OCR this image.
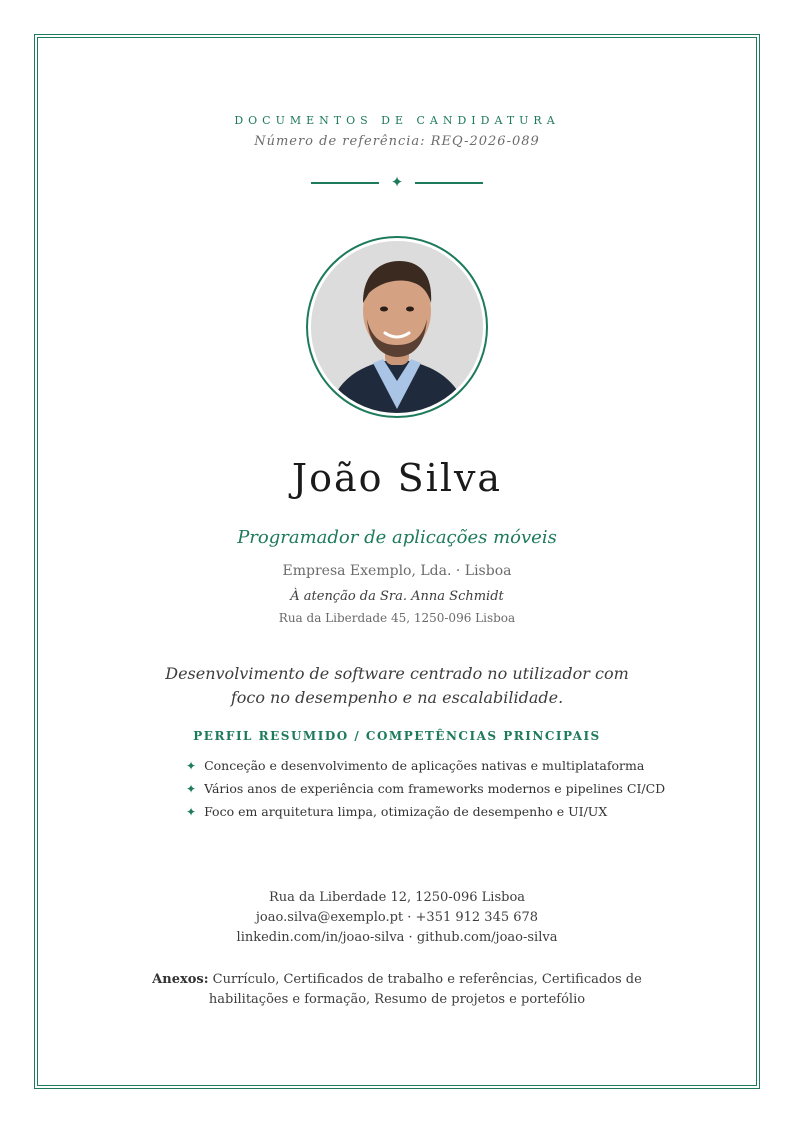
DOCUMENTOS DE CANDIDATURA
Número de referência: REQ-2026-089
✦
João Silva
Programador de aplicações móveis
Empresa Exemplo, Lda. · Lisboa
À atenção da Sra. Anna Schmidt
Rua da Liberdade 45, 1250-096 Lisboa
Desenvolvimento de software centrado no utilizador com foco no desempenho e na escalabilidade.
PERFIL RESUMIDO / COMPETÊNCIAS PRINCIPAIS
✦ Conceção e desenvolvimento de aplicações nativas e multiplataforma
✦ Vários anos de experiência com frameworks modernos e pipelines CI/CD
✦ Foco em arquitetura limpa, otimização de desempenho e UI/UX
Rua da Liberdade 12, 1250-096 Lisboa
joao.silva@exemplo.pt · +351 912 345 678
linkedin.com/in/joao-silva · github.com/joao-silva
Anexos: Currículo, Certificados de trabalho e referências, Certificados de habilitações e formação, Resumo de projetos e portefólio
